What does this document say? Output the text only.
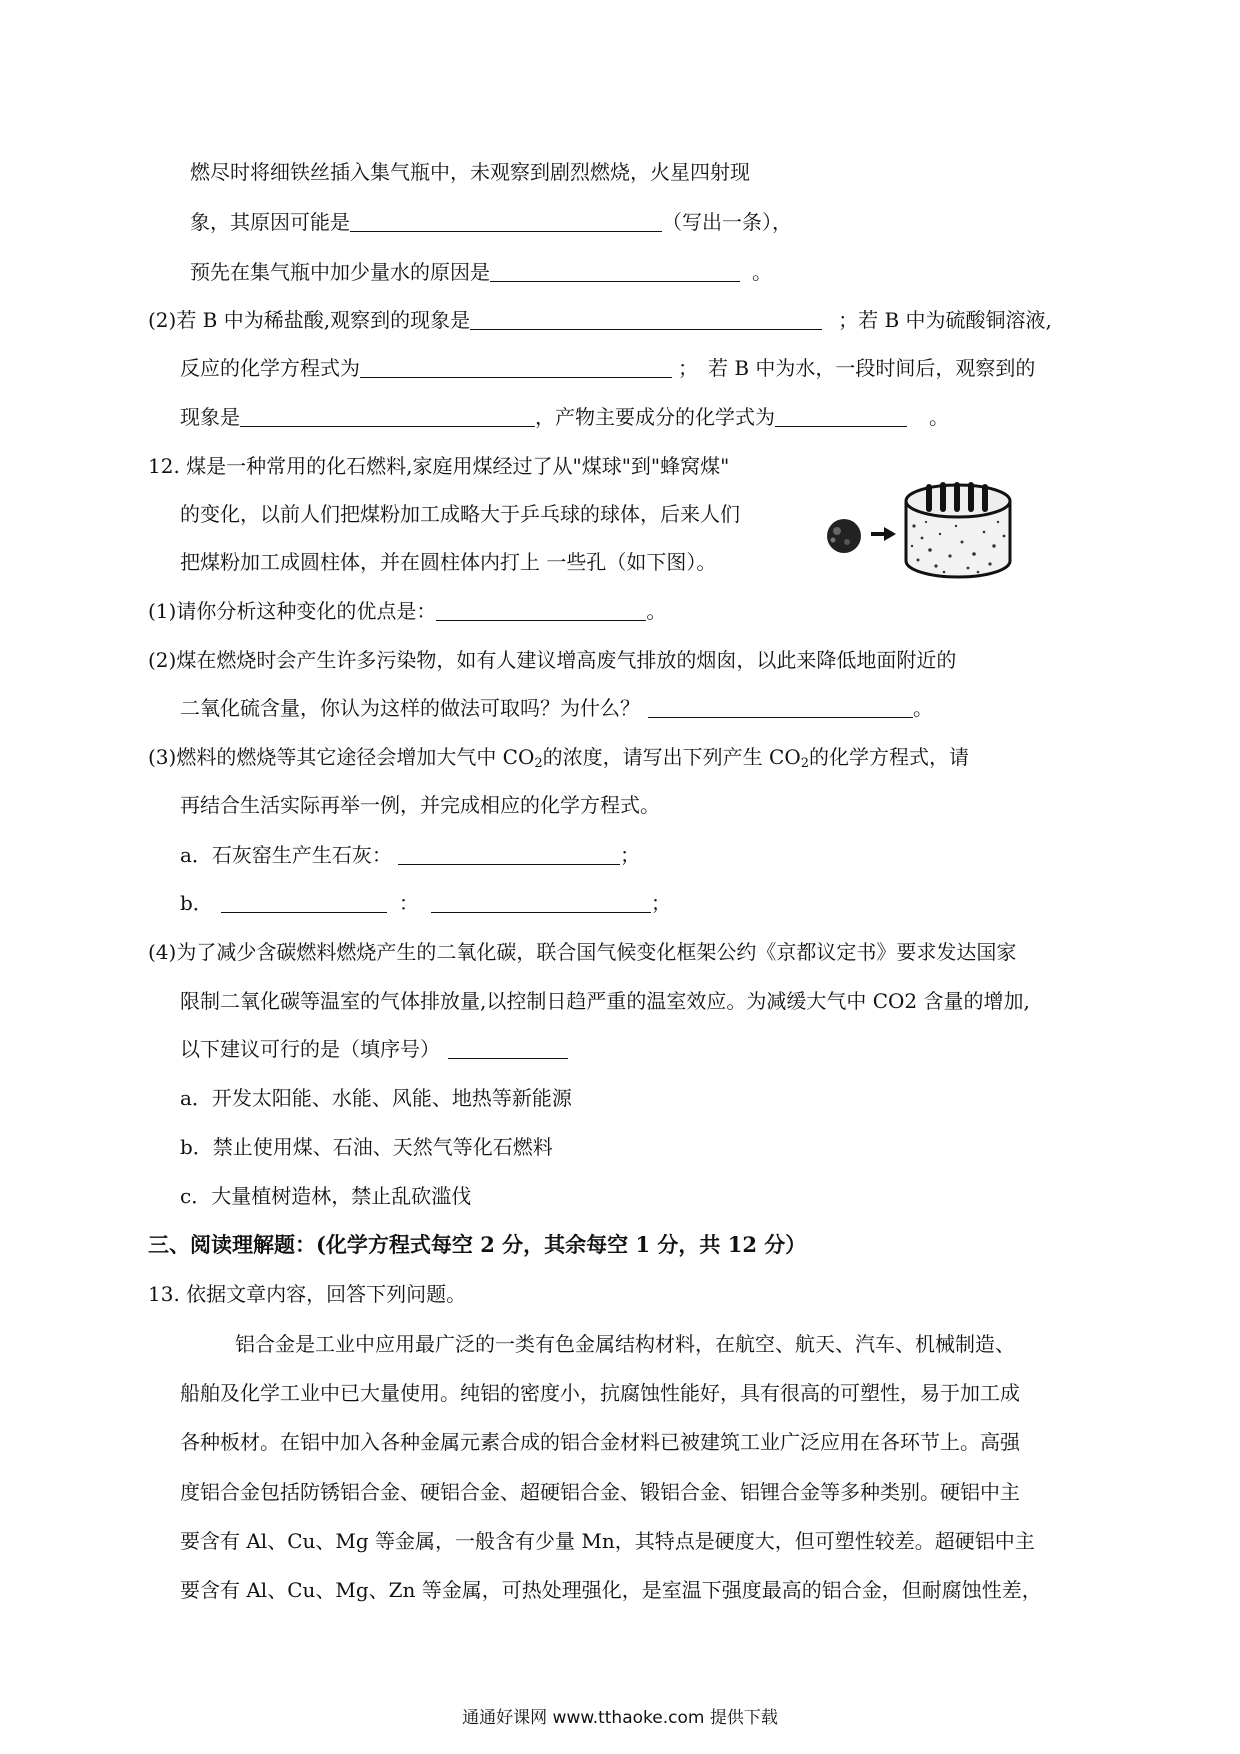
燃尽时将细铁丝插入集气瓶中，未观察到剧烈燃烧，火星四射现
象，其原因可能是	（写出一条），
预先在集气瓶中加少量水的原因是	。
(2)若 B 中为稀盐酸,观察到的现象是	；若 B 中为硫酸铜溶液,
反应的化学方程式为	；　若 B 中为水，一段时间后，观察到的
现象是	，产物主要成分的化学式为	。
12. 煤是一种常用的化石燃料,家庭用煤经过了从"煤球"到"蜂窝煤"
的变化，以前人们把煤粉加工成略大于乒乓球的球体，后来人们
把煤粉加工成圆柱体，并在圆柱体内打上 一些孔（如下图）。
(1)请你分析这种变化的优点是：	。
(2)煤在燃烧时会产生许多污染物，如有人建议增高废气排放的烟囱，以此来降低地面附近的
二氧化硫含量，你认为这样的做法可取吗？为什么？	。
(3)燃料的燃烧等其它途径会增加大气中 $CO_2$的浓度，请写出下列产生 $CO_2$的化学方程式，请
再结合生活实际再举一例，并完成相应的化学方程式。
a．石灰窑生产生石灰：	；
b．	：	；
(4)为了减少含碳燃料燃烧产生的二氧化碳，联合国气候变化框架公约《京都议定书》要求发达国家
限制二氧化碳等温室的气体排放量,以控制日趋严重的温室效应。为减缓大气中 CO2 含量的增加,
以下建议可行的是（填序号）
a．开发太阳能、水能、风能、地热等新能源
b．禁止使用煤、石油、天然气等化石燃料
c．大量植树造林，禁止乱砍滥伐
三、阅读理解题：(化学方程式每空 2 分，其余每空 1 分，共 12 分）
13. 依据文章内容，回答下列问题。
铝合金是工业中应用最广泛的一类有色金属结构材料，在航空、航天、汽车、机械制造、
船舶及化学工业中已大量使用。纯铝的密度小，抗腐蚀性能好，具有很高的可塑性，易于加工成
各种板材。在铝中加入各种金属元素合成的铝合金材料已被建筑工业广泛应用在各环节上。高强
度铝合金包括防锈铝合金、硬铝合金、超硬铝合金、锻铝合金、铝锂合金等多种类别。硬铝中主
要含有 Al、Cu、Mg 等金属，一般含有少量 Mn，其特点是硬度大，但可塑性较差。超硬铝中主
要含有 Al、Cu、Mg、Zn 等金属，可热处理强化，是室温下强度最高的铝合金，但耐腐蚀性差，
通通好课网 www.tthaoke.com 提供下载
